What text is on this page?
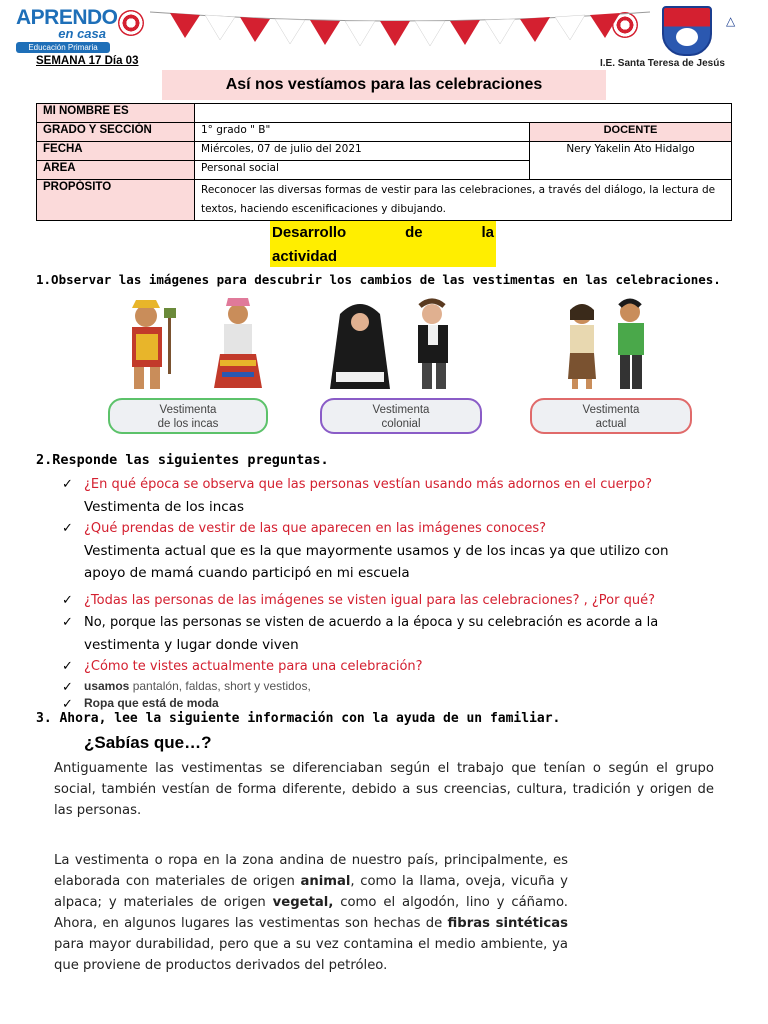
APRENDO
en casa
Educación Primaria
△
SEMANA 17 Día 03	I.E. Santa Teresa de Jesús
Así nos vestíamos para las celebraciones
MI NOMBRE ES		
GRADO Y SECCIÓN	1° grado " B"	DOCENTE
FECHA	Miércoles, 07 de julio del 2021	Nery Yakelin Ato Hidalgo
AREA	Personal social	
PROPÓSITO	Reconocer las diversas formas de vestir para las celebraciones, a través del diálogo, la lectura de textos, haciendo escenificaciones y dibujando.	
Desarrollo	de	la
actividad
1.Observar las imágenes para descubrir los cambios de las vestimentas en las celebraciones.
Vestimenta
de los incas
Vestimenta
colonial
Vestimenta
actual
2.Responde las siguientes preguntas.
✓ ¿En qué época se observa que las personas vestían usando más adornos en el cuerpo?
Vestimenta de los incas
✓ ¿Qué prendas de vestir de las que aparecen en las imágenes conoces?
Vestimenta actual que es la que mayormente usamos y de los incas ya que utilizo con
apoyo de mamá cuando participó en mi escuela
✓ ¿Todas las personas de las imágenes se visten igual para las celebraciones? , ¿Por qué?
✓ No, porque las personas se visten de acuerdo a la época y su celebración es acorde a la
vestimenta y lugar donde viven
✓ ¿Cómo te vistes actualmente para una celebración?
✓ usamos pantalón, faldas, short y vestidos,
✓ Ropa que está de moda
3. Ahora, lee la siguiente información con la ayuda de un familiar.
¿Sabías que…?
Antiguamente las vestimentas se diferenciaban según el trabajo que tenían o según el grupo social, también vestían de forma diferente, debido a sus creencias, cultura, tradición y origen de las personas.
La vestimenta o ropa en la zona andina de nuestro país, principalmente, es elaborada con materiales de origen animal, como la llama, oveja, vicuña y alpaca; y materiales de origen vegetal, como el algodón, lino y cáñamo. Ahora, en algunos lugares las vestimentas son hechas de fibras sintéticas para mayor durabilidad, pero que a su vez contamina el medio ambiente, ya que proviene de productos derivados del petróleo.
